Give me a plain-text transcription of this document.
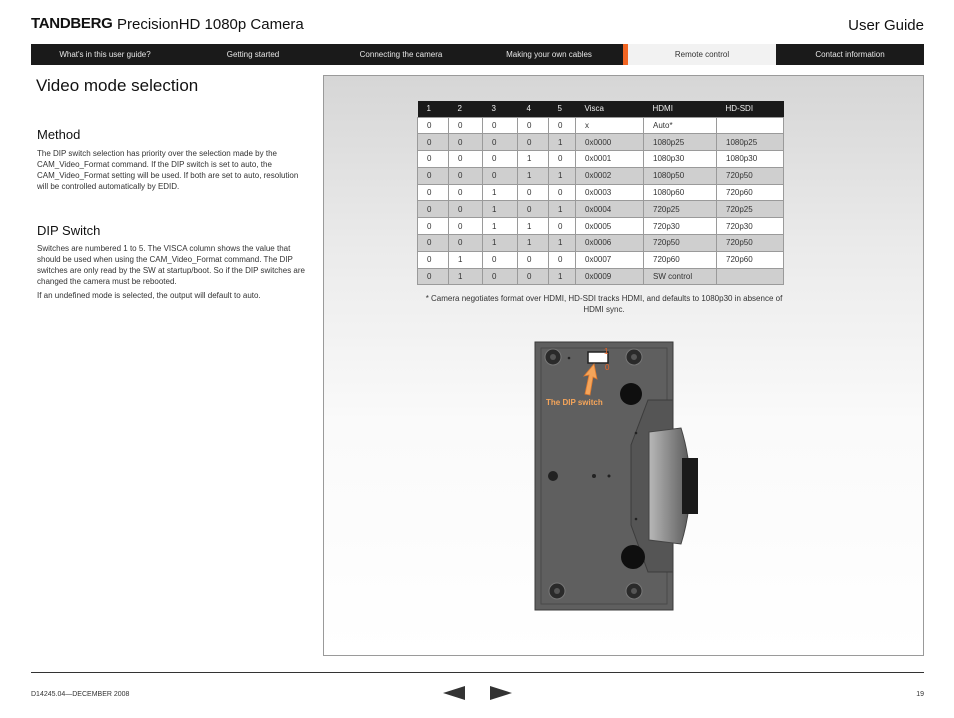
TANDBERG PrecisionHD 1080p Camera	User Guide
What's in this user guide?	Getting started	Connecting the camera	Making your own cables	Remote control	Contact information
Video mode selection
Method

The DIP switch selection has priority over the selection made by the CAM_Video_Format command. If the DIP switch is set to auto, the CAM_Video_Format setting will be used. If both are set to auto, resolution will be controlled automatically by EDID.

DIP Switch

Switches are numbered 1 to 5. The VISCA column shows the value that should be used when using the CAM_Video_Format command. The DIP switches are only read by the SW at startup/boot. So if the DIP switches are changed the camera must be rebooted.

If an undefined mode is selected, the output will default to auto.

1	2	3	4	5	Visca	HDMI	HD-SDI
0	0	0	0	0	x	Auto*	
0	0	0	0	1	0x0000	1080p25	1080p25
0	0	0	1	0	0x0001	1080p30	1080p30
0	0	0	1	1	0x0002	1080p50	720p50
0	0	1	0	0	0x0003	1080p60	720p60
0	0	1	0	1	0x0004	720p25	720p25
0	0	1	1	0	0x0005	720p30	720p30
0	0	1	1	1	0x0006	720p50	720p50
0	1	0	0	0	0x0007	720p60	720p60
0	1	0	0	1	0x0009	SW control	

* Camera negotiates format over HDMI, HD-SDI tracks HDMI, and defaults to 1080p30 in absence of HDMI sync.

1
0
The DIP switch
D14245.04—DECEMBER 2008	19
